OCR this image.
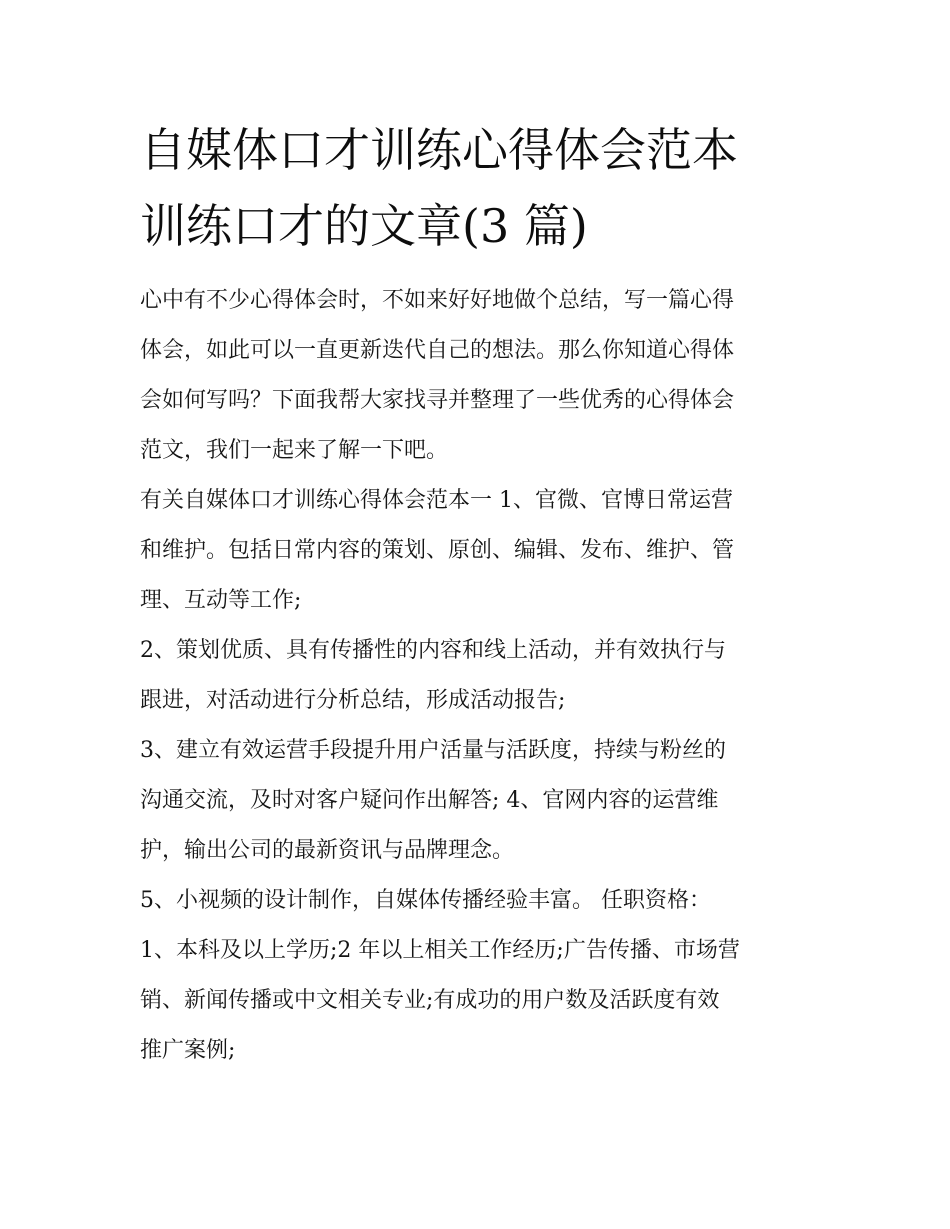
自媒体口才训练心得体会范本
训练口才的文章(3 篇)

心中有不少心得体会时，不如来好好地做个总结，写一篇心得
体会，如此可以一直更新迭代自己的想法。那么你知道心得体
会如何写吗？下面我帮大家找寻并整理了一些优秀的心得体会
范文，我们一起来了解一下吧。

有关自媒体口才训练心得体会范本一 1、官微、官博日常运营
和维护。包括日常内容的策划、原创、编辑、发布、维护、管
理、互动等工作;

2、策划优质、具有传播性的内容和线上活动，并有效执行与
跟进，对活动进行分析总结，形成活动报告;

3、建立有效运营手段提升用户活量与活跃度，持续与粉丝的
沟通交流，及时对客户疑问作出解答; 4、官网内容的运营维
护，输出公司的最新资讯与品牌理念。

5、小视频的设计制作，自媒体传播经验丰富。 任职资格：

1、本科及以上学历;2 年以上相关工作经历;广告传播、市场营
销、新闻传播或中文相关专业;有成功的用户数及活跃度有效
推广案例;
